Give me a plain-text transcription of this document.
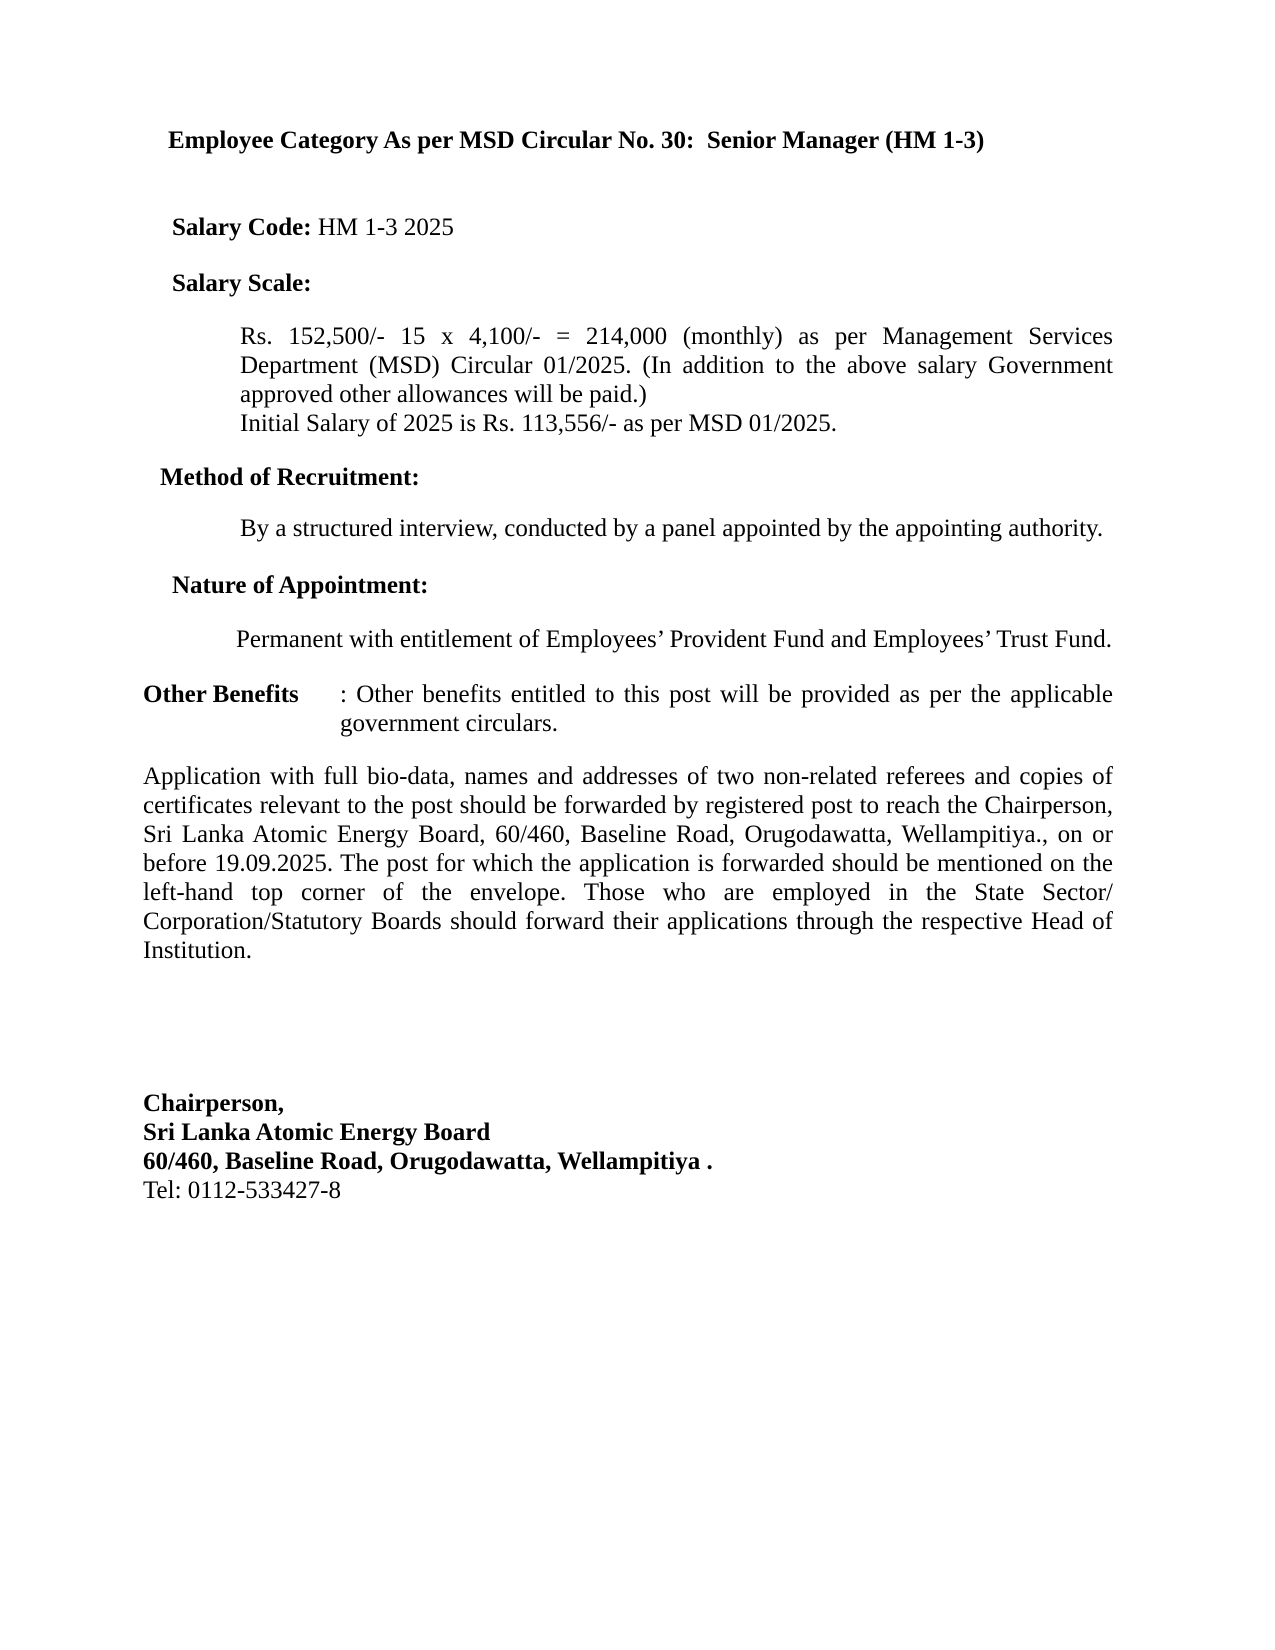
Employee Category As per MSD Circular No. 30:  Senior Manager (HM 1-3)
Salary Code: HM 1-3 2025
Salary Scale:
Rs. 152,500/- 15 x 4,100/- = 214,000 (monthly) as per Management Services Department (MSD) Circular 01/2025. (In addition to the above salary Government approved other allowances will be paid.)
Initial Salary of 2025 is Rs. 113,556/- as per MSD 01/2025.
Method of Recruitment:
By a structured interview, conducted by a panel appointed by the appointing authority.
Nature of Appointment:
Permanent with entitlement of Employees’ Provident Fund and Employees’ Trust Fund.
Other Benefits	: Other benefits entitled to this post will be provided as per the applicable government circulars.
Application with full bio-data, names and addresses of two non-related referees and copies of certificates relevant to the post should be forwarded by registered post to reach the Chairperson, Sri Lanka Atomic Energy Board, 60/460, Baseline Road, Orugodawatta, Wellampitiya., on or before 19.09.2025. The post for which the application is forwarded should be mentioned on the left-hand top corner of the envelope. Those who are employed in the State Sector/ Corporation/Statutory Boards should forward their applications through the respective Head of Institution.
Chairperson,
Sri Lanka Atomic Energy Board
60/460, Baseline Road, Orugodawatta, Wellampitiya .
Tel: 0112-533427-8
